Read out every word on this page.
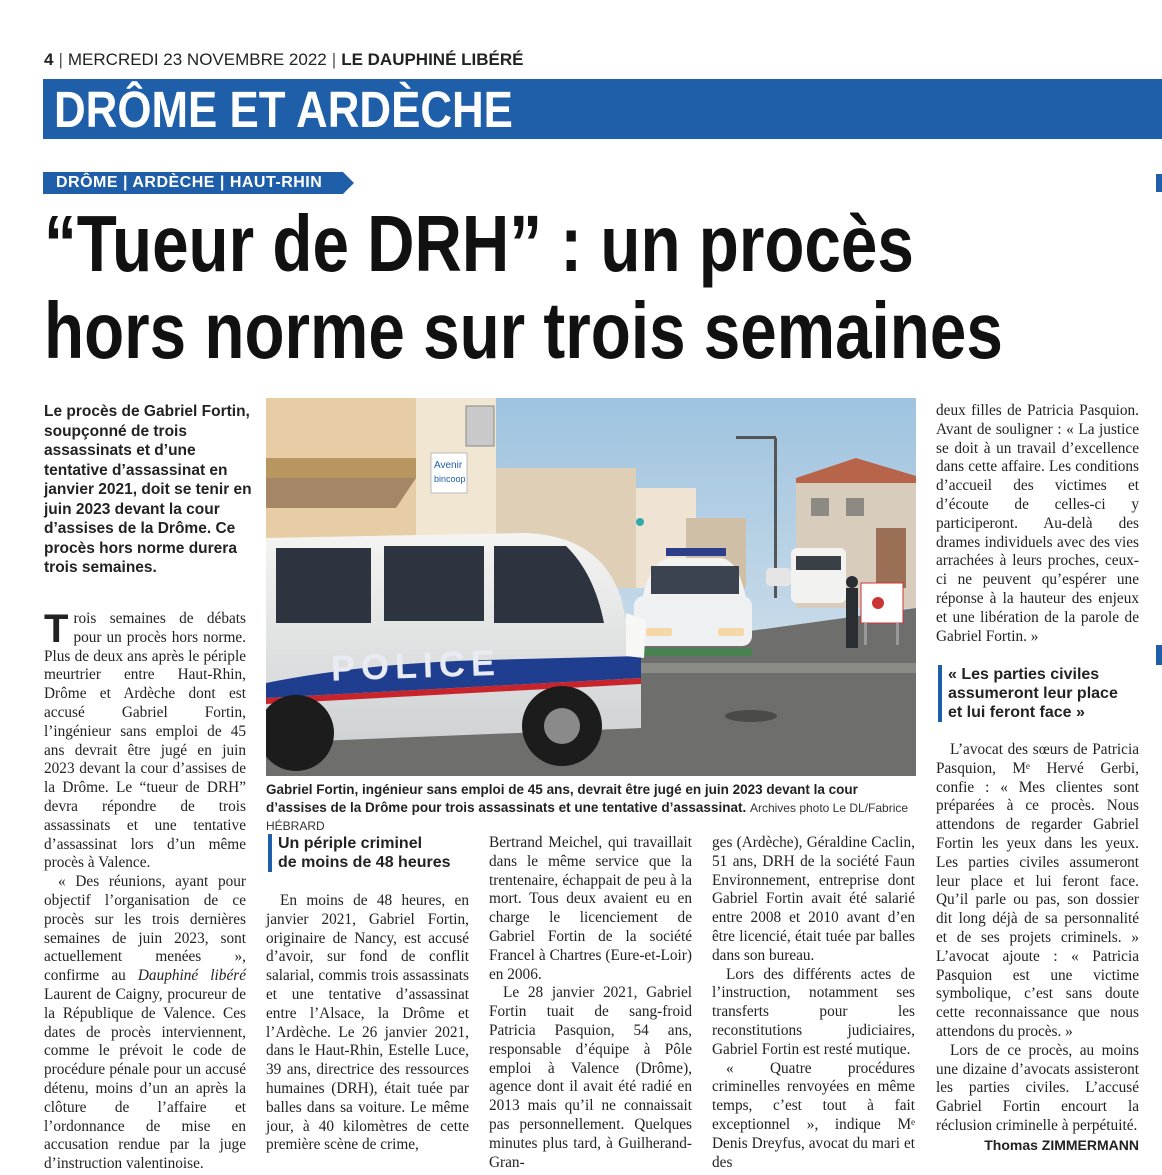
4 | MERCREDI 23 NOVEMBRE 2022 | LE DAUPHINÉ LIBÉRÉ
DRÔME ET ARDÈCHE
DRÔME | ARDÈCHE | HAUT-RHIN
“Tueur de DRH” : un procès
hors norme sur trois semaines
Le procès de Gabriel Fortin, soupçonné de trois assassinats et d’une tentative d’assassinat en janvier 2021, doit se tenir en juin 2023 devant la cour d’assises de la Drôme. Ce procès hors norme durera trois semaines.

Trois semaines de débats pour un procès hors norme. Plus de deux ans après le périple meurtrier entre Haut-Rhin, Drôme et Ardèche dont est accusé Gabriel Fortin, l’ingénieur sans emploi de 45 ans devrait être jugé en juin 2023 devant la cour d’assises de la Drôme. Le “tueur de DRH” devra répondre de trois assassinats et une tentative d’assassinat lors d’un même procès à Valence.

« Des réunions, ayant pour objectif l’organisation de ce procès sur les trois dernières semaines de juin 2023, sont actuellement menées », confirme au Dauphiné libéré Laurent de Caigny, procureur de la République de Valence. Ces dates de procès interviennent, comme le prévoit le code de procédure pénale pour un accusé détenu, moins d’un an après la clôture de l’affaire et l’ordonnance de mise en accusation rendue par la juge d’instruction valentinoise.

Avenir
bincoop
POLICE
Gabriel Fortin, ingénieur sans emploi de 45 ans, devrait être jugé en juin 2023 devant la cour d’assises de la Drôme pour trois assassinats et une tentative d’assassinat. Archives photo Le DL/Fabrice HÉBRARD
Un périple criminel
de moins de 48 heures

En moins de 48 heures, en janvier 2021, Gabriel Fortin, originaire de Nancy, est accusé d’avoir, sur fond de conflit salarial, commis trois assassinats et une tentative d’assassinat entre l’Alsace, la Drôme et l’Ardèche. Le 26 janvier 2021, dans le Haut-Rhin, Estelle Luce, 39 ans, directrice des ressources humaines (DRH), était tuée par balles dans sa voiture. Le même jour, à 40 kilomètres de cette première scène de crime,

Bertrand Meichel, qui travaillait dans le même service que la trentenaire, échappait de peu à la mort. Tous deux avaient eu en charge le licenciement de Gabriel Fortin de la société Francel à Chartres (Eure-et-Loir) en 2006.

Le 28 janvier 2021, Gabriel Fortin tuait de sang-froid Patricia Pasquion, 54 ans, responsable d’équipe à Pôle emploi à Valence (Drôme), agence dont il avait été radié en 2013 mais qu’il ne connaissait pas personnellement. Quelques minutes plus tard, à Guilherand-Gran-

ges (Ardèche), Géraldine Caclin, 51 ans, DRH de la société Faun Environnement, entreprise dont Gabriel Fortin avait été salarié entre 2008 et 2010 avant d’en être licencié, était tuée par balles dans son bureau.

Lors des différents actes de l’instruction, notamment ses transferts pour les reconstitutions judiciaires, Gabriel Fortin est resté mutique.

« Quatre procédures criminelles renvoyées en même temps, c’est tout à fait exceptionnel », indique Mᵉ Denis Dreyfus, avocat du mari et des

deux filles de Patricia Pasquion. Avant de souligner : « La justice se doit à un travail d’excellence dans cette affaire. Les conditions d’accueil des victimes et d’écoute de celles-ci y participeront. Au-delà des drames individuels avec des vies arrachées à leurs proches, ceux-ci ne peuvent qu’espérer une réponse à la hauteur des enjeux et une libération de la parole de Gabriel Fortin. »

« Les parties civiles
assumeront leur place
et lui feront face »

L’avocat des sœurs de Patricia Pasquion, Mᵉ Hervé Gerbi, confie : « Mes clientes sont préparées à ce procès. Nous attendons de regarder Gabriel Fortin les yeux dans les yeux. Les parties civiles assumeront leur place et lui feront face. Qu’il parle ou pas, son dossier dit long déjà de sa personnalité et de ses projets criminels. » L’avocat ajoute : « Patricia Pasquion est une victime symbolique, c’est sans doute cette reconnaissance que nous attendons du procès. »

Lors de ce procès, au moins une dizaine d’avocats assisteront les parties civiles. L’accusé Gabriel Fortin encourt la réclusion criminelle à perpétuité.

Thomas ZIMMERMANN
